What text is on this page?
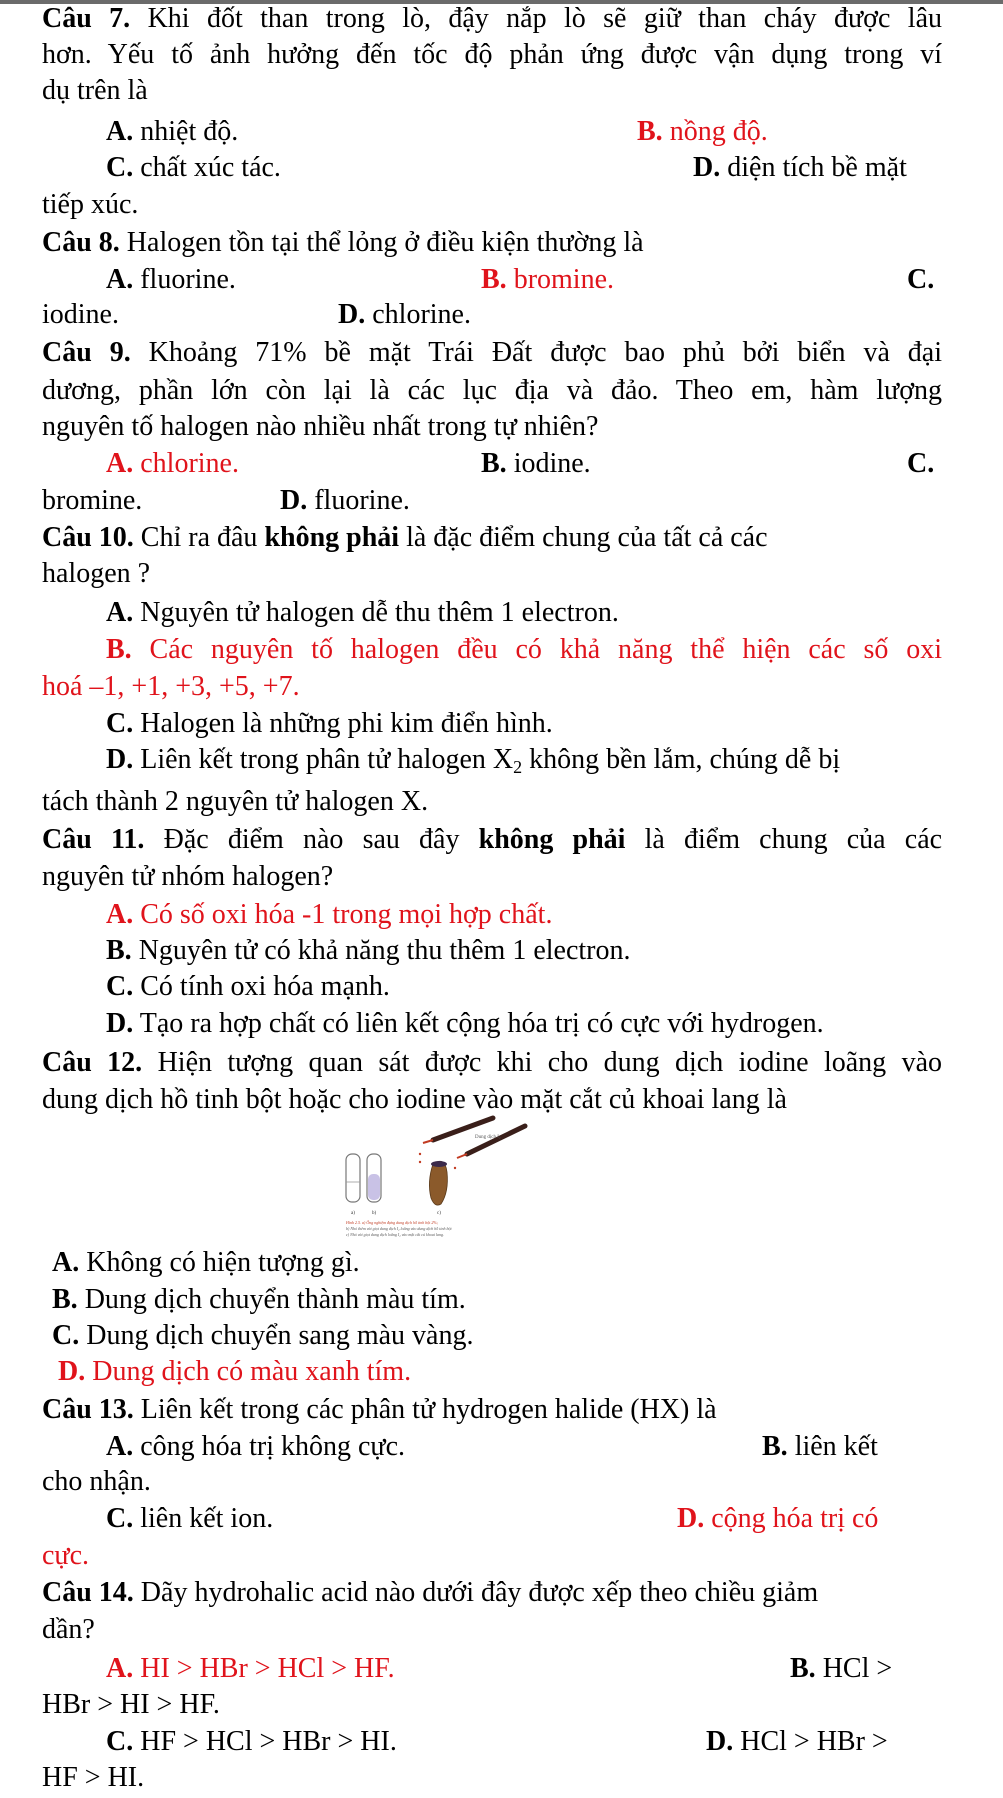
Câu 7. Khi đốt than trong lò, đậy nắp lò sẽ giữ than cháy được lâu
hơn. Yếu tố ảnh hưởng đến tốc độ phản ứng được vận dụng trong ví
dụ trên là
A. nhiệt độ.	B. nồng độ.
C. chất xúc tác.	D. diện tích bề mặt
tiếp xúc.
Câu 8. Halogen tồn tại thể lỏng ở điều kiện thường là
A. fluorine.	B. bromine.	C.
iodine.	D. chlorine.
Câu 9. Khoảng 71% bề mặt Trái Đất được bao phủ bởi biển và đại
dương, phần lớn còn lại là các lục địa và đảo. Theo em, hàm lượng
nguyên tố halogen nào nhiều nhất trong tự nhiên?
A. chlorine.	B. iodine.	C.
bromine.	D. fluorine.
Câu 10. Chỉ ra đâu không phải là đặc điểm chung của tất cả các
halogen ?
A. Nguyên tử halogen dễ thu thêm 1 electron.
B. Các nguyên tố halogen đều có khả năng thể hiện các số oxi
hoá –1, +1, +3, +5, +7.
C. Halogen là những phi kim điển hình.
D. Liên kết trong phân tử halogen $X_2$ không bền lắm, chúng dễ bị
tách thành 2 nguyên tử halogen X.
Câu 11. Đặc điểm nào sau đây không phải là điểm chung của các
nguyên tử nhóm halogen?
A. Có số oxi hóa -1 trong mọi hợp chất.
B. Nguyên tử có khả năng thu thêm 1 electron.
C. Có tính oxi hóa mạnh.
D. Tạo ra hợp chất có liên kết cộng hóa trị có cực với hydrogen.
Câu 12. Hiện tượng quan sát được khi cho dung dịch iodine loãng vào
dung dịch hồ tinh bột hoặc cho iodine vào mặt cắt củ khoai lang là
Dung dịch I₂
a)	b)	c)
Hình 2.5. a) Ống nghiệm đựng dung dịch hồ tinh bột 2%;
b) Nhỏ thêm vài giọt dung dịch I₂ loãng vào dung dịch hồ tinh bột
c) Nhỏ vài giọt dung dịch loãng I₂ vào mặt cắt củ khoai lang.
A. Không có hiện tượng gì.
B. Dung dịch chuyển thành màu tím.
C. Dung dịch chuyển sang màu vàng.
D. Dung dịch có màu xanh tím.
Câu 13. Liên kết trong các phân tử hydrogen halide (HX) là
A. công hóa trị không cực.	B. liên kết
cho nhận.
C. liên kết ion.	D. cộng hóa trị có
cực.
Câu 14. Dãy hydrohalic acid nào dưới đây được xếp theo chiều giảm
dần?
A. HI > HBr > HCl > HF.	B. HCl >
HBr > HI > HF.
C. HF > HCl > HBr > HI.	D. HCl > HBr >
HF > HI.
